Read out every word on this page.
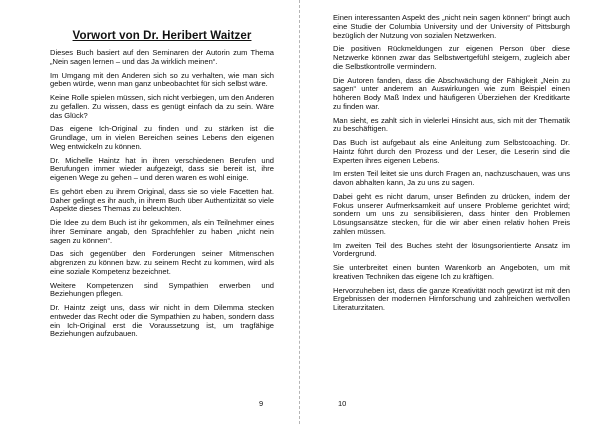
Vorwort von Dr. Heribert Waitzer

Dieses Buch basiert auf den Seminaren der Autorin zum Thema „Nein sagen lernen – und das Ja wirklich meinen“.

Im Umgang mit den Anderen sich so zu verhalten, wie man sich geben würde, wenn man ganz unbeobachtet für sich selbst wäre.

Keine Rolle spielen müssen, sich nicht verbiegen, um den Anderen zu gefallen. Zu wissen, dass es genügt einfach da zu sein. Wäre das Glück?

Das eigene Ich-Original zu finden und zu stärken ist die Grundlage, um in vielen Bereichen seines Lebens den eigenen Weg entwickeln zu können.

Dr. Michelle Haintz hat in ihren verschiedenen Berufen und Berufungen immer wieder aufgezeigt, dass sie bereit ist, ihre eigenen Wege zu gehen – und deren waren es wohl einige.

Es gehört eben zu ihrem Original, dass sie so viele Facetten hat. Daher gelingt es ihr auch, in ihrem Buch über Authentizität so viele Aspekte dieses Themas zu beleuchten.

Die Idee zu dem Buch ist ihr gekommen, als ein Teilnehmer eines ihrer Seminare angab, den Sprachfehler zu haben „nicht nein sagen zu können“.

Das sich gegenüber den Forderungen seiner Mitmenschen abgrenzen zu können bzw. zu seinem Recht zu kommen, wird als eine soziale Kompetenz bezeichnet.

Weitere Kompetenzen sind Sympathien erwerben und Beziehungen pflegen.

Dr. Haintz zeigt uns, dass wir nicht in dem Dilemma stecken entweder das Recht oder die Sympathien zu haben, sondern dass ein Ich-Original erst die Voraussetzung ist, um tragfähige Beziehungen aufzubauen.

Einen interessanten Aspekt des „nicht nein sagen können“ bringt auch eine Studie der Columbia University und der University of Pittsburgh bezüglich der Nutzung von sozialen Netzwerken.

Die positiven Rückmeldungen zur eigenen Person über diese Netzwerke können zwar das Selbstwertgefühl steigern, zugleich aber die Selbstkontrolle vermindern.

Die Autoren fanden, dass die Abschwächung der Fähigkeit „Nein zu sagen“ unter anderem an Auswirkungen wie zum Beispiel einen höheren Body Maß Index und häufigeren Überziehen der Kreditkarte zu finden war.

Man sieht, es zahlt sich in vielerlei Hinsicht aus, sich mit der Thematik zu beschäftigen.

Das Buch ist aufgebaut als eine Anleitung zum Selbstcoaching. Dr. Haintz führt durch den Prozess und der Leser, die Leserin sind die Experten ihres eigenen Lebens.

Im ersten Teil leitet sie uns durch Fragen an, nachzuschauen, was uns davon abhalten kann, Ja zu uns zu sagen.

Dabei geht es nicht darum, unser Befinden zu drücken, indem der Fokus unserer Aufmerksamkeit auf unsere Probleme gerichtet wird; sondern um uns zu sensibilisieren, dass hinter den Problemen Lösungsansätze stecken, für die wir aber einen relativ hohen Preis zahlen müssen.

Im zweiten Teil des Buches steht der lösungsorientierte Ansatz im Vordergrund.

Sie unterbreitet einen bunten Warenkorb an Angeboten, um mit kreativen Techniken das eigene Ich zu kräftigen.

Hervorzuheben ist, dass die ganze Kreativität noch gewürzt ist mit den Ergebnissen der modernen Hirnforschung und zahlreichen wertvollen Literaturzitaten.

9	10
